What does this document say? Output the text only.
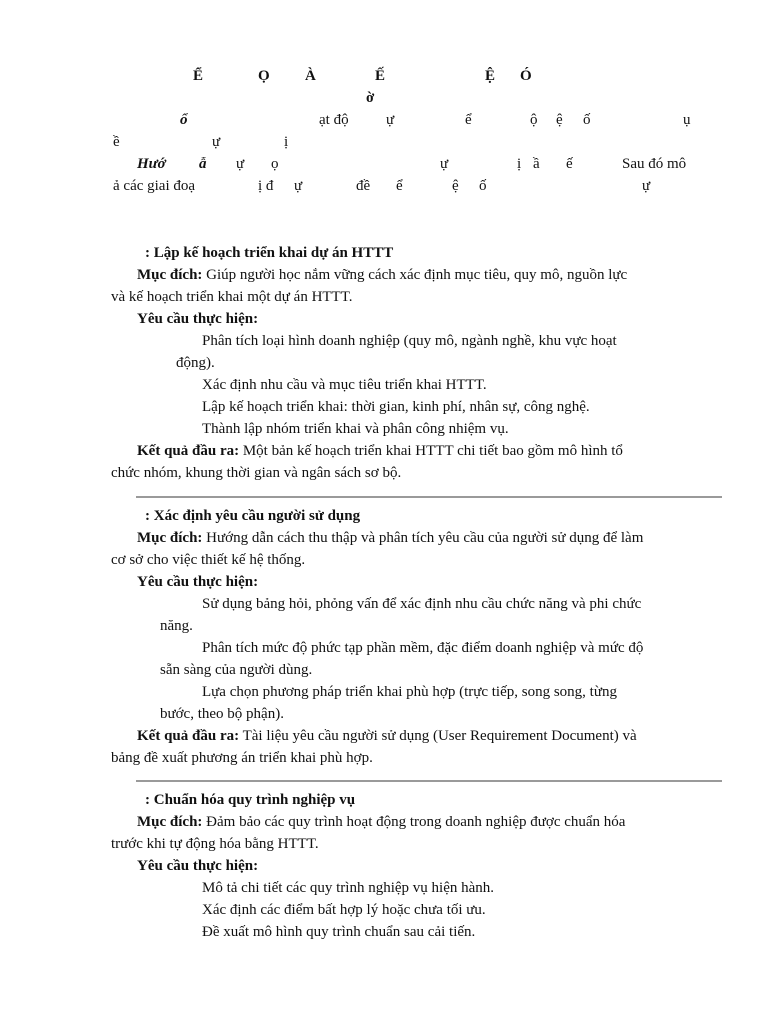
Ể	Ọ À	Ế	Ệ Ó
ờ
ổ	ạt độ ự	ể	ộ ệ ố	ụ
ề	ự	ị
Hướ ẫ ự ọ	ự	ị ầ ế	Sau đó mô
ả các giai đoạ	ị đ ự	đề ể	ệ ố	ự
: Lập kế hoạch triển khai dự án HTTT
Mục đích: Giúp người học nắm vững cách xác định mục tiêu, quy mô, nguồn lực
và kế hoạch triển khai một dự án HTTT.
Yêu cầu thực hiện:
Phân tích loại hình doanh nghiệp (quy mô, ngành nghề, khu vực hoạt
động).
Xác định nhu cầu và mục tiêu triển khai HTTT.
Lập kế hoạch triển khai: thời gian, kinh phí, nhân sự, công nghệ.
Thành lập nhóm triển khai và phân công nhiệm vụ.
Kết quả đầu ra: Một bản kế hoạch triển khai HTTT chi tiết bao gồm mô hình tổ
chức nhóm, khung thời gian và ngân sách sơ bộ.
: Xác định yêu cầu người sử dụng
Mục đích: Hướng dẫn cách thu thập và phân tích yêu cầu của người sử dụng để làm
cơ sở cho việc thiết kế hệ thống.
Yêu cầu thực hiện:
Sử dụng bảng hỏi, phỏng vấn để xác định nhu cầu chức năng và phi chức
năng.
Phân tích mức độ phức tạp phần mềm, đặc điểm doanh nghiệp và mức độ
sẵn sàng của người dùng.
Lựa chọn phương pháp triển khai phù hợp (trực tiếp, song song, từng
bước, theo bộ phận).
Kết quả đầu ra: Tài liệu yêu cầu người sử dụng (User Requirement Document) và
bảng đề xuất phương án triển khai phù hợp.
: Chuẩn hóa quy trình nghiệp vụ
Mục đích: Đảm bảo các quy trình hoạt động trong doanh nghiệp được chuẩn hóa
trước khi tự động hóa bằng HTTT.
Yêu cầu thực hiện:
Mô tả chi tiết các quy trình nghiệp vụ hiện hành.
Xác định các điểm bất hợp lý hoặc chưa tối ưu.
Đề xuất mô hình quy trình chuẩn sau cải tiến.
